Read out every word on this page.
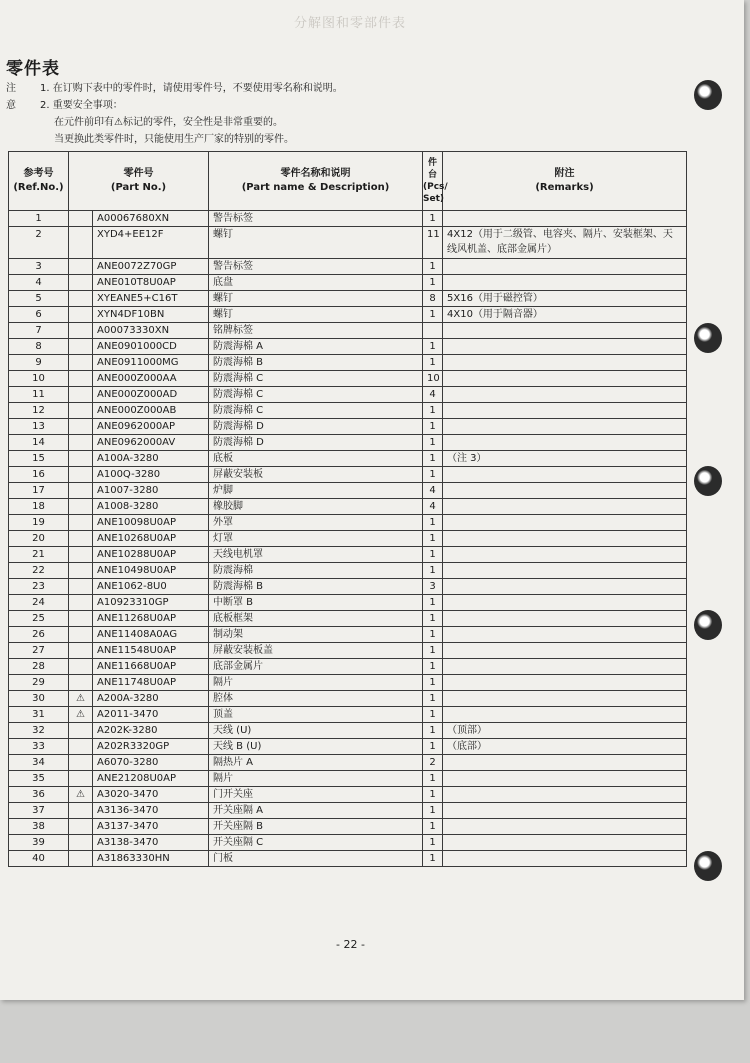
分解图和零部件表
零件表
注意
1. 在订购下表中的零件时，请使用零件号，不要使用零名称和说明。
2. 重要安全事项：
在元件前印有⚠标记的零件，安全性是非常重要的。
当更换此类零件时，只能使用生产厂家的特别的零件。
参考号
(Ref.No.)	零件号
(Part No.)		零件名称和说明
(Part name & Description)	件
台
(Pcs/
Set)	附注
(Remarks)
1		A00067680XN	警告标签	1	
2		XYD4+EE12F	螺钉	11	4X12（用于二级管、电容夹、隔片、安装框架、天线风机盖、底部金属片）
3		ANE0072Z70GP	警告标签	1	
4		ANE010T8U0AP	底盘	1	
5		XYEANE5+C16T	螺钉	8	5X16（用于磁控管）
6		XYN4DF10BN	螺钉	1	4X10（用于隔音器）
7		A00073330XN	铭牌标签		
8		ANE0901000CD	防震海棉 A	1	
9		ANE0911000MG	防震海棉 B	1	
10		ANE000Z000AA	防震海棉 C	10	
11		ANE000Z000AD	防震海棉 C	4	
12		ANE000Z000AB	防震海棉 C	1	
13		ANE0962000AP	防震海棉 D	1	
14		ANE0962000AV	防震海棉 D	1	
15		A100A-3280	底板	1	（注 3）
16		A100Q-3280	屏蔽安装板	1	
17		A1007-3280	炉脚	4	
18		A1008-3280	橡胶脚	4	
19		ANE10098U0AP	外罩	1	
20		ANE10268U0AP	灯罩	1	
21		ANE10288U0AP	天线电机罩	1	
22		ANE10498U0AP	防震海棉	1	
23		ANE1062-8U0	防震海棉 B	3	
24		A10923310GP	中断罩 B	1	
25		ANE11268U0AP	底板框架	1	
26		ANE11408A0AG	制动架	1	
27		ANE11548U0AP	屏蔽安装板盖	1	
28		ANE11668U0AP	底部金属片	1	
29		ANE11748U0AP	隔片	1	
30	⚠	A200A-3280	腔体	1	
31	⚠	A2011-3470	顶盖	1	
32		A202K-3280	天线 (U)	1	（顶部）
33		A202R3320GP	天线 B (U)	1	（底部）
34		A6070-3280	隔热片 A	2	
35		ANE21208U0AP	隔片	1	
36	⚠	A3020-3470	门开关座	1	
37		A3136-3470	开关座隔 A	1	
38		A3137-3470	开关座隔 B	1	
39		A3138-3470	开关座隔 C	1	
40		A31863330HN	门板	1	
- 22 -
